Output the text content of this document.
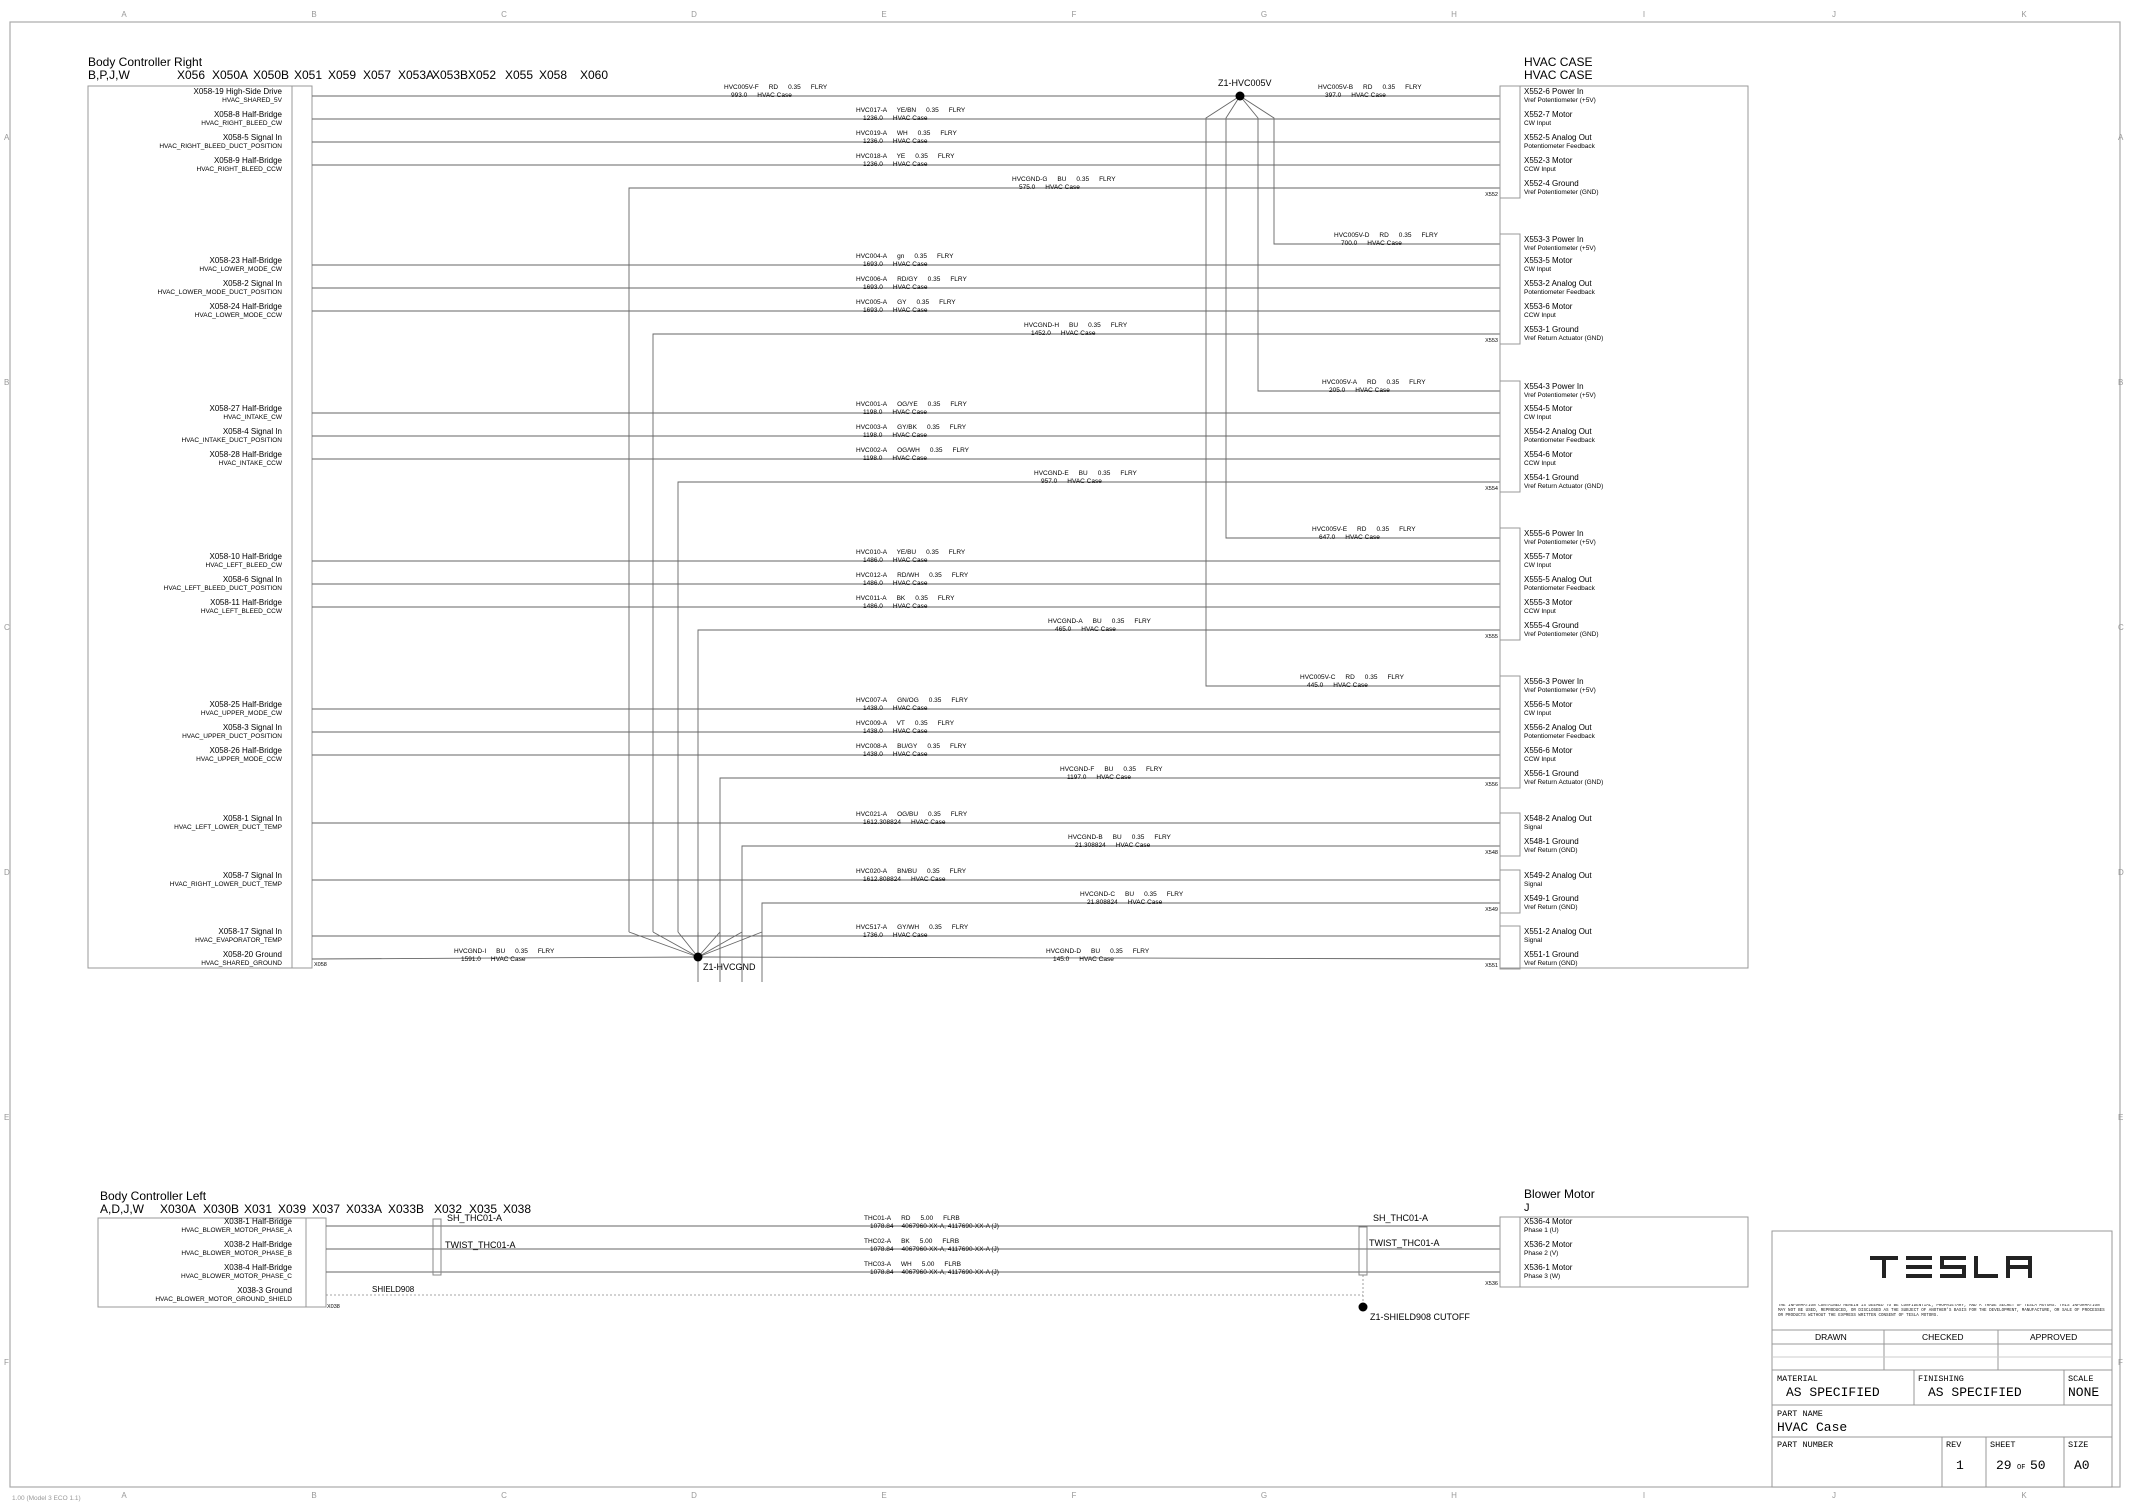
A
A
B
B
C
C
D
D
E
E
F
F
G
G
H
H
I
I
J
J
K
K
A	A
B	B
C	C
D	D
E	E
F	F
Body Controller Right
B,P,J,W	X056 X050A X050B X051 X059 X057 X053A
X053B X052 X055 X058 X060
HVAC CASE
HVAC CASE
X058
X058-19 High-Side Drive
HVAC_SHARED_5V
X058-8 Half-Bridge
HVAC_RIGHT_BLEED_CW
X058-5 Signal In
HVAC_RIGHT_BLEED_DUCT_POSITION
X058-9 Half-Bridge
HVAC_RIGHT_BLEED_CCW
X058-23 Half-Bridge
HVAC_LOWER_MODE_CW
X058-2 Signal In
HVAC_LOWER_MODE_DUCT_POSITION
X058-24 Half-Bridge
HVAC_LOWER_MODE_CCW
X058-27 Half-Bridge
HVAC_INTAKE_CW
X058-4 Signal In
HVAC_INTAKE_DUCT_POSITION
X058-28 Half-Bridge
HVAC_INTAKE_CCW
X058-10 Half-Bridge
HVAC_LEFT_BLEED_CW
X058-6 Signal In
HVAC_LEFT_BLEED_DUCT_POSITION
X058-11 Half-Bridge
HVAC_LEFT_BLEED_CCW
X058-25 Half-Bridge
HVAC_UPPER_MODE_CW
X058-3 Signal In
HVAC_UPPER_DUCT_POSITION
X058-26 Half-Bridge
HVAC_UPPER_MODE_CCW
X058-1 Signal In
HVAC_LEFT_LOWER_DUCT_TEMP
X058-7 Signal In
HVAC_RIGHT_LOWER_DUCT_TEMP
X058-17 Signal In
HVAC_EVAPORATOR_TEMP
X058-20 Ground
HVAC_SHARED_GROUND
HVC017-A YE/BN 0.35 FLRY
1236.0 HVAC Case
HVC019-A WH 0.35 FLRY
1236.0 HVAC Case
HVC018-A YE 0.35 FLRY
1236.0 HVAC Case
HVC004-A gn 0.35 FLRY
1693.0 HVAC Case
HVC006-A RD/GY 0.35 FLRY
1693.0 HVAC Case
HVC005-A GY 0.35 FLRY
1693.0 HVAC Case
HVC001-A OG/YE 0.35 FLRY
1198.0 HVAC Case
HVC003-A GY/BK 0.35 FLRY
1198.0 HVAC Case
HVC002-A OG/WH 0.35 FLRY
1198.0 HVAC Case
HVC010-A YE/BU 0.35 FLRY
1486.0 HVAC Case
HVC012-A RD/WH 0.35 FLRY
1486.0 HVAC Case
HVC011-A BK 0.35 FLRY
1486.0 HVAC Case
HVC007-A GN/OG 0.35 FLRY
1438.0 HVAC Case
HVC009-A VT 0.35 FLRY
1438.0 HVAC Case
HVC008-A BU/GY 0.35 FLRY
1438.0 HVAC Case
HVC021-A OG/BU 0.35 FLRY
1612.308824 HVAC Case
HVC020-A BN/BU 0.35 FLRY
1612.808824 HVAC Case
HVC517-A GY/WH 0.35 FLRY
1736.0 HVAC Case
HVC005V-F RD 0.35 FLRY
993.0 HVAC Case
HVC005V-B RD 0.35 FLRY
397.0 HVAC Case
HVC005V-D RD 0.35 FLRY
700.0 HVAC Case
HVC005V-A RD 0.35 FLRY
205.0 HVAC Case
HVC005V-E RD 0.35 FLRY
647.0 HVAC Case
HVC005V-C RD 0.35 FLRY
445.0 HVAC Case
HVCGND-G BU 0.35 FLRY
575.0 HVAC Case
HVCGND-H BU 0.35 FLRY
1452.0 HVAC Case
HVCGND-E BU 0.35 FLRY
957.0 HVAC Case
HVCGND-A BU 0.35 FLRY
465.0 HVAC Case
HVCGND-F BU 0.35 FLRY
1197.0 HVAC Case
HVCGND-B BU 0.35 FLRY
21.308824 HVAC Case
HVCGND-C BU 0.35 FLRY
21.808824 HVAC Case
HVCGND-I BU 0.35 FLRY
1591.0 HVAC Case
HVCGND-D BU 0.35 FLRY
145.0 HVAC Case
X552
X552-6 Power In
Vref Potentiometer (+5V)
X552-7 Motor
CW Input
X552-5 Analog Out
Potentiometer Feedback
X552-3 Motor
CCW Input
X552-4 Ground
Vref Potentiometer (GND)
X553
X553-3 Power In
Vref Potentiometer (+5V)
X553-5 Motor
CW Input
X553-2 Analog Out
Potentiometer Feedback
X553-6 Motor
CCW Input
X553-1 Ground
Vref Return Actuator (GND)
X554
X554-3 Power In
Vref Potentiometer (+5V)
X554-5 Motor
CW Input
X554-2 Analog Out
Potentiometer Feedback
X554-6 Motor
CCW Input
X554-1 Ground
Vref Return Actuator (GND)
X555
X555-6 Power In
Vref Potentiometer (+5V)
X555-7 Motor
CW Input
X555-5 Analog Out
Potentiometer Feedback
X555-3 Motor
CCW Input
X555-4 Ground
Vref Potentiometer (GND)
X556
X556-3 Power In
Vref Potentiometer (+5V)
X556-5 Motor
CW Input
X556-2 Analog Out
Potentiometer Feedback
X556-6 Motor
CCW Input
X556-1 Ground
Vref Return Actuator (GND)
X548
X548-2 Analog Out
Signal
X548-1 Ground
Vref Return (GND)
X549
X549-2 Analog Out
Signal
X549-1 Ground
Vref Return (GND)
X551
X551-2 Analog Out
Signal
X551-1 Ground
Vref Return (GND)
Z1-HVC005V
Z1-HVCGND
Body Controller Left
A,D,J,W X030A X030B X031 X039 X037 X033A X033B X032 X035 X038
X038
X038-1 Half-Bridge
HVAC_BLOWER_MOTOR_PHASE_A
X038-2 Half-Bridge
HVAC_BLOWER_MOTOR_PHASE_B
X038-4 Half-Bridge
HVAC_BLOWER_MOTOR_PHASE_C
X038-3 Ground
HVAC_BLOWER_MOTOR_GROUND_SHIELD
Blower Motor
J
THC01-A RD 5.00 FLRB
1078.84 4067960-XX-A, 4117690-XX-A (J)
THC02-A BK 5.00 FLRB
1078.84 4067960-XX-A, 4117690-XX-A (J)
THC03-A WH 5.00 FLRB
1078.84 4067960-XX-A, 4117690-XX-A (J)
SH_THC01-A
TWIST_THC01-A
SH_THC01-A
TWIST_THC01-A
SHIELD908
Z1-SHIELD908 CUTOFF
X536
X536-4 Motor
Phase 1 (U)
X536-2 Motor
Phase 2 (V)
X536-1 Motor
Phase 3 (W)
THE INFORMATION CONTAINED HEREIN IS DEEMED TO BE CONFIDENTIAL, PROPRIETARY, AND A TRADE SECRET OF TESLA MOTORS. THIS INFORMATION MAY NOT BE USED, REPRODUCED, OR DISCLOSED AS THE SUBJECT OF ANOTHER'S BASIS FOR THE DEVELOPMENT, MANUFACTURE, OR SALE OF PROCESSES OR PRODUCTS WITHOUT THE EXPRESS WRITTEN CONSENT OF TESLA MOTORS.
DRAWN	CHECKED	APPROVED
MATERIAL
AS SPECIFIED
FINISHING
AS SPECIFIED
SCALE
NONE
PART NAME
HVAC Case
PART NUMBER	REV
1
SHEET
29 OF 50
SIZE
A0
1.00 (Model 3 ECO 1.1)
